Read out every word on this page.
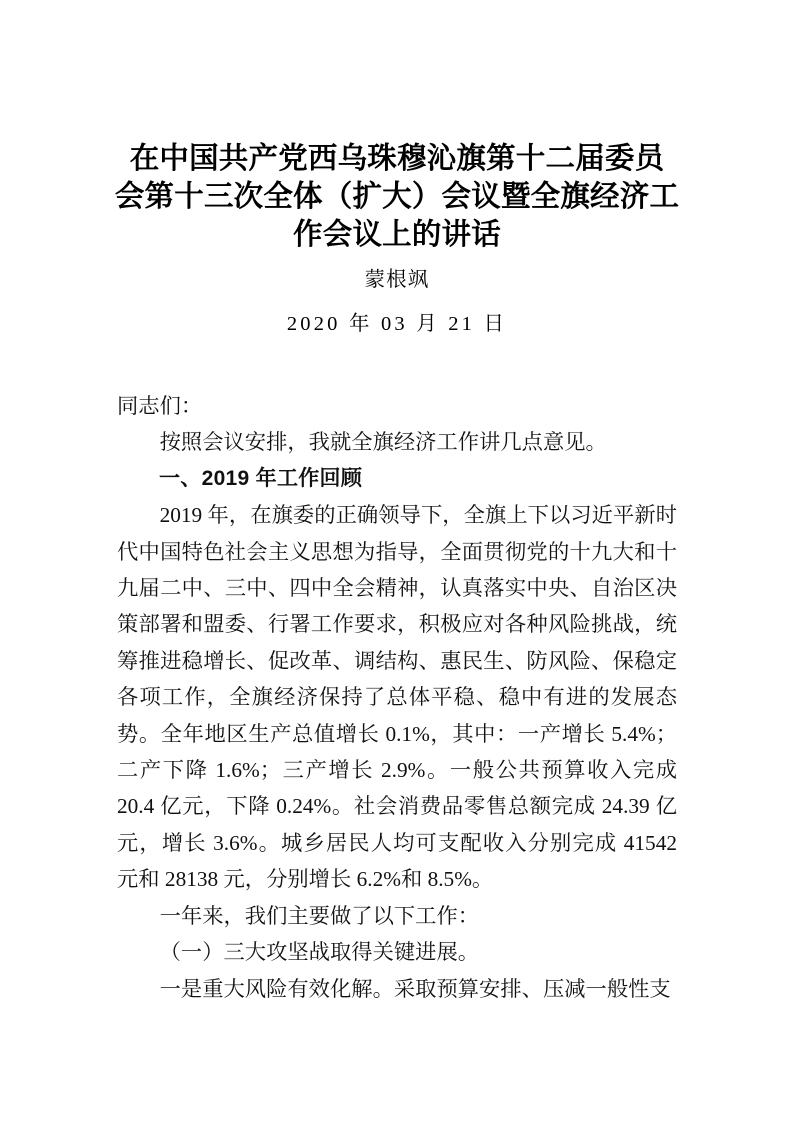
在中国共产党西乌珠穆沁旗第十二届委员
会第十三次全体（扩大）会议暨全旗经济工
作会议上的讲话
蒙根飒
2020 年 03 月 21 日

同志们：

按照会议安排，我就全旗经济工作讲几点意见。

一、2019 年工作回顾

2019 年，在旗委的正确领导下，全旗上下以习近平新时代中国特色社会主义思想为指导，全面贯彻党的十九大和十九届二中、三中、四中全会精神，认真落实中央、自治区决策部署和盟委、行署工作要求，积极应对各种风险挑战，统筹推进稳增长、促改革、调结构、惠民生、防风险、保稳定各项工作，全旗经济保持了总体平稳、稳中有进的发展态势。全年地区生产总值增长 0.1%，其中：一产增长 5.4%；二产下降 1.6%；三产增长 2.9%。一般公共预算收入完成 20.4 亿元，下降 0.24%。社会消费品零售总额完成 24.39 亿元，增长 3.6%。城乡居民人均可支配收入分别完成 41542 元和 28138 元，分别增长 6.2%和 8.5%。

一年来，我们主要做了以下工作：

（一）三大攻坚战取得关键进展。

一是重大风险有效化解。采取预算安排、压减一般性支
